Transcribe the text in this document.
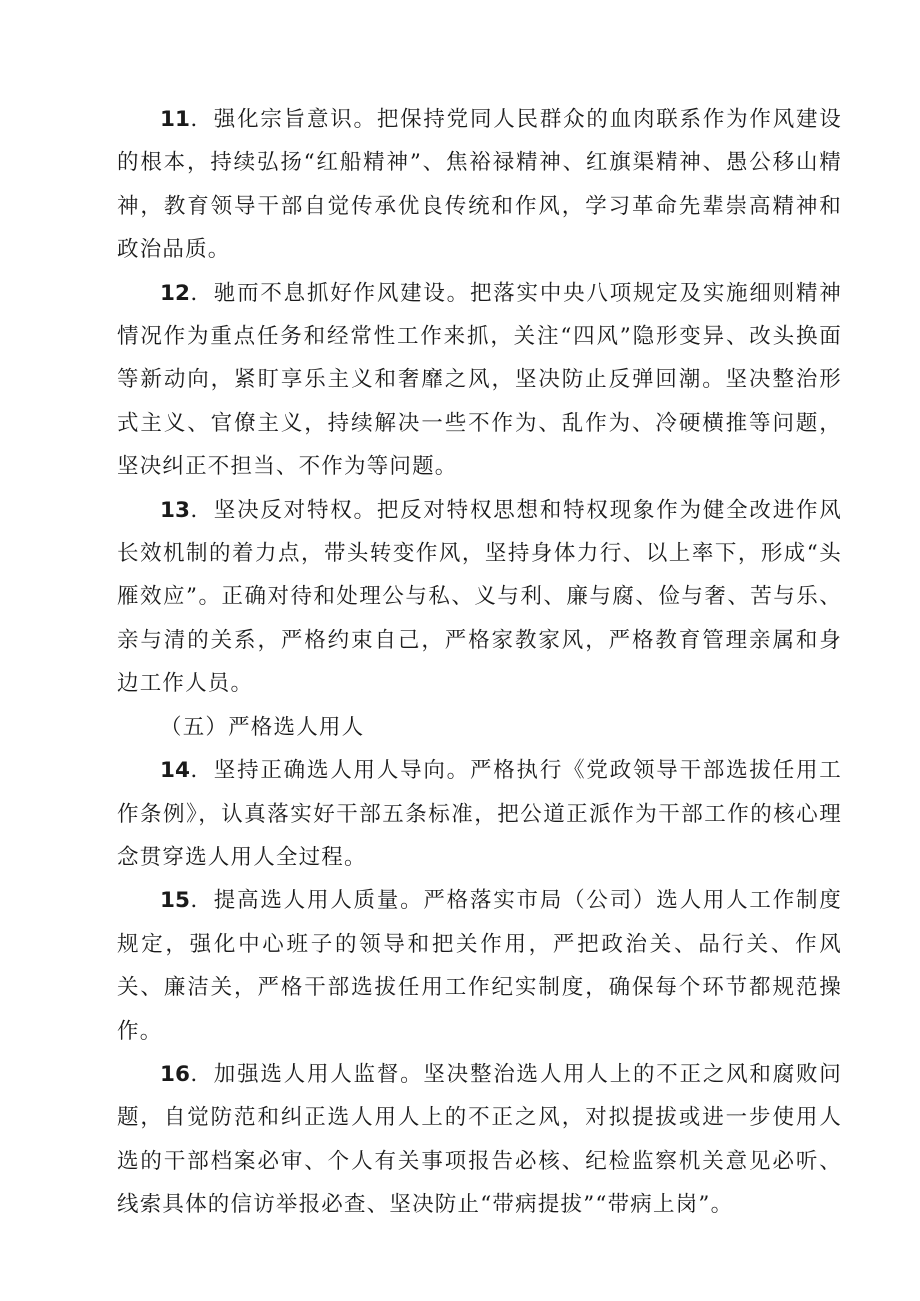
11．强化宗旨意识。把保持党同人民群众的血肉联系作为作风建设的根本，持续弘扬“红船精神”、焦裕禄精神、红旗渠精神、愚公移山精神，教育领导干部自觉传承优良传统和作风，学习革命先辈崇高精神和政治品质。

12．驰而不息抓好作风建设。把落实中央八项规定及实施细则精神情况作为重点任务和经常性工作来抓，关注“四风”隐形变异、改头换面等新动向，紧盯享乐主义和奢靡之风，坚决防止反弹回潮。坚决整治形式主义、官僚主义，持续解决一些不作为、乱作为、冷硬横推等问题，坚决纠正不担当、不作为等问题。

13．坚决反对特权。把反对特权思想和特权现象作为健全改进作风长效机制的着力点，带头转变作风，坚持身体力行、以上率下，形成“头雁效应”。正确对待和处理公与私、义与利、廉与腐、俭与奢、苦与乐、亲与清的关系，严格约束自己，严格家教家风，严格教育管理亲属和身边工作人员。

（五）严格选人用人

14．坚持正确选人用人导向。严格执行《党政领导干部选拔任用工作条例》，认真落实好干部五条标准，把公道正派作为干部工作的核心理念贯穿选人用人全过程。

15．提高选人用人质量。严格落实市局（公司）选人用人工作制度规定，强化中心班子的领导和把关作用，严把政治关、品行关、作风关、廉洁关，严格干部选拔任用工作纪实制度，确保每个环节都规范操作。

16．加强选人用人监督。坚决整治选人用人上的不正之风和腐败问题，自觉防范和纠正选人用人上的不正之风，对拟提拔或进一步使用人选的干部档案必审、个人有关事项报告必核、纪检监察机关意见必听、线索具体的信访举报必查、坚决防止“带病提拔”“带病上岗”。
